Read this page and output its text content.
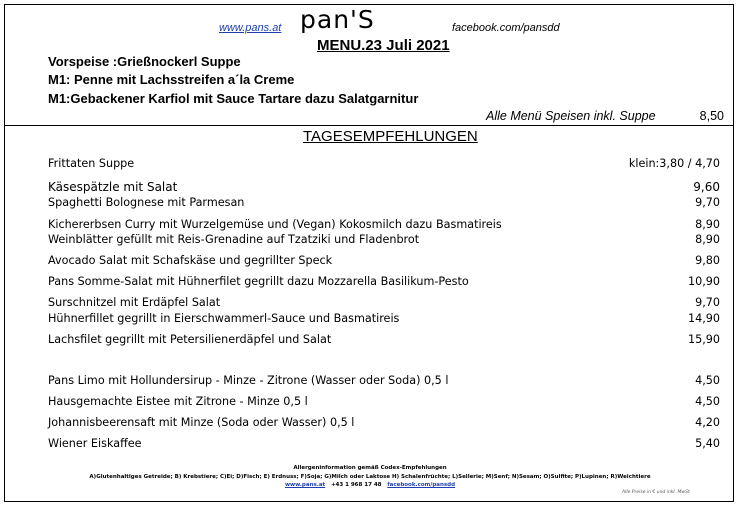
www.pans.at pan'S	facebook.com/pansdd
MENU.23 Juli 2021
Vorspeise :Grießnockerl Suppe
M1: Penne mit Lachsstreifen a´la Creme
M1:Gebackener Karfiol mit Sauce Tartare dazu Salatgarnitur
Alle Menü Speisen inkl. Suppe	8,50
TAGESEMPFEHLUNGEN
Frittaten Suppe	klein:3,80 / 4,70
Käsespätzle mit Salat	9,60
Spaghetti Bolognese mit Parmesan	9,70
Kichererbsen Curry mit Wurzelgemüse und (Vegan) Kokosmilch dazu Basmatireis	8,90
Weinblätter gefüllt mit Reis-Grenadine auf Tzatziki und Fladenbrot	8,90
Avocado Salat mit Schafskäse und gegrillter Speck	9,80
Pans Somme-Salat mit Hühnerfilet gegrillt dazu Mozzarella Basilikum-Pesto	10,90
Surschnitzel mit Erdäpfel Salat	9,70
Hühnerfillet gegrillt in Eierschwammerl-Sauce und Basmatireis	14,90
Lachsfilet gegrillt mit Petersilienerdäpfel und Salat	15,90
Pans Limo mit Hollundersirup - Minze - Zitrone (Wasser oder Soda) 0,5 l	4,50
Hausgemachte Eistee mit Zitrone - Minze 0,5 l	4,50
Johannisbeerensaft mit Minze (Soda oder Wasser) 0,5 l	4,20
Wiener Eiskaffee	5,40
Allergeninformation gemäß Codex-Empfehlungen
A)Glutenhaltiges Getreide; B) Krebstiere; C)Ei; D)Fisch; E) Erdnuss; F)Soja; G)Milch oder Laktose H) Schalenfrüchte; L)Sellerie; M)Senf; N)Sesam; O)Sulfite; P)Lupinen; R)Weichtiere
www.pans.at +43 1 968 17 48 facebook.com/pansdd
Alle Preise in € und inkl. MwSt
